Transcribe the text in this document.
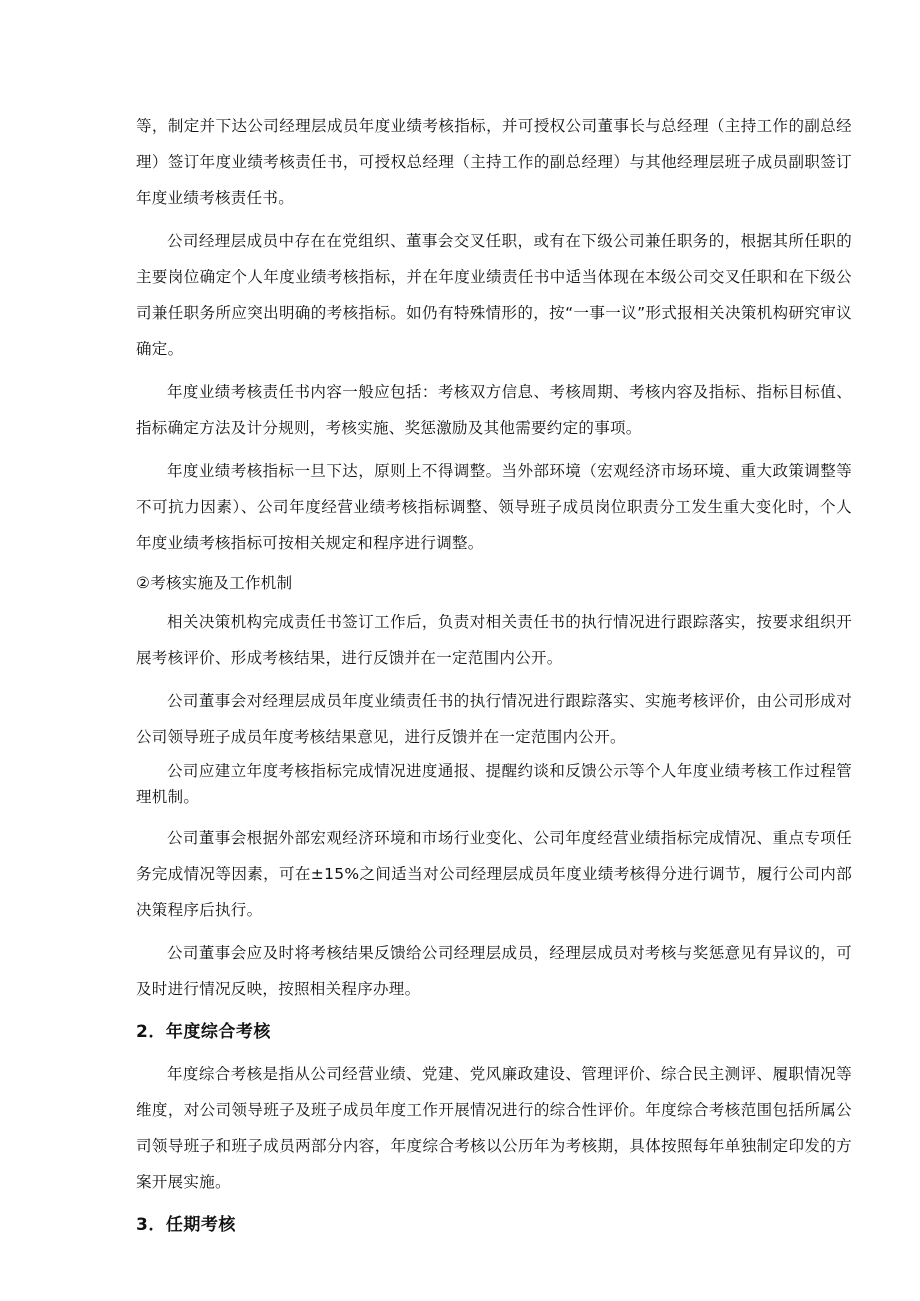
等，制定并下达公司经理层成员年度业绩考核指标，并可授权公司董事长与总经理（主持工作的副总经理）签订年度业绩考核责任书，可授权总经理（主持工作的副总经理）与其他经理层班子成员副职签订年度业绩考核责任书。

公司经理层成员中存在在党组织、董事会交叉任职，或有在下级公司兼任职务的，根据其所任职的主要岗位确定个人年度业绩考核指标，并在年度业绩责任书中适当体现在本级公司交叉任职和在下级公司兼任职务所应突出明确的考核指标。如仍有特殊情形的，按“一事一议”形式报相关决策机构研究审议确定。

年度业绩考核责任书内容一般应包括：考核双方信息、考核周期、考核内容及指标、指标目标值、指标确定方法及计分规则，考核实施、奖惩激励及其他需要约定的事项。

年度业绩考核指标一旦下达，原则上不得调整。当外部环境（宏观经济市场环境、重大政策调整等不可抗力因素）、公司年度经营业绩考核指标调整、领导班子成员岗位职责分工发生重大变化时，个人年度业绩考核指标可按相关规定和程序进行调整。

②考核实施及工作机制

相关决策机构完成责任书签订工作后，负责对相关责任书的执行情况进行跟踪落实，按要求组织开展考核评价、形成考核结果，进行反馈并在一定范围内公开。

公司董事会对经理层成员年度业绩责任书的执行情况进行跟踪落实、实施考核评价，由公司形成对公司领导班子成员年度考核结果意见，进行反馈并在一定范围内公开。

公司应建立年度考核指标完成情况进度通报、提醒约谈和反馈公示等个人年度业绩考核工作过程管理机制。

公司董事会根据外部宏观经济环境和市场行业变化、公司年度经营业绩指标完成情况、重点专项任务完成情况等因素，可在±15%之间适当对公司经理层成员年度业绩考核得分进行调节，履行公司内部决策程序后执行。

公司董事会应及时将考核结果反馈给公司经理层成员，经理层成员对考核与奖惩意见有异议的，可及时进行情况反映，按照相关程序办理。

2．年度综合考核

年度综合考核是指从公司经营业绩、党建、党风廉政建设、管理评价、综合民主测评、履职情况等维度，对公司领导班子及班子成员年度工作开展情况进行的综合性评价。年度综合考核范围包括所属公司领导班子和班子成员两部分内容，年度综合考核以公历年为考核期，具体按照每年单独制定印发的方案开展实施。

3．任期考核
